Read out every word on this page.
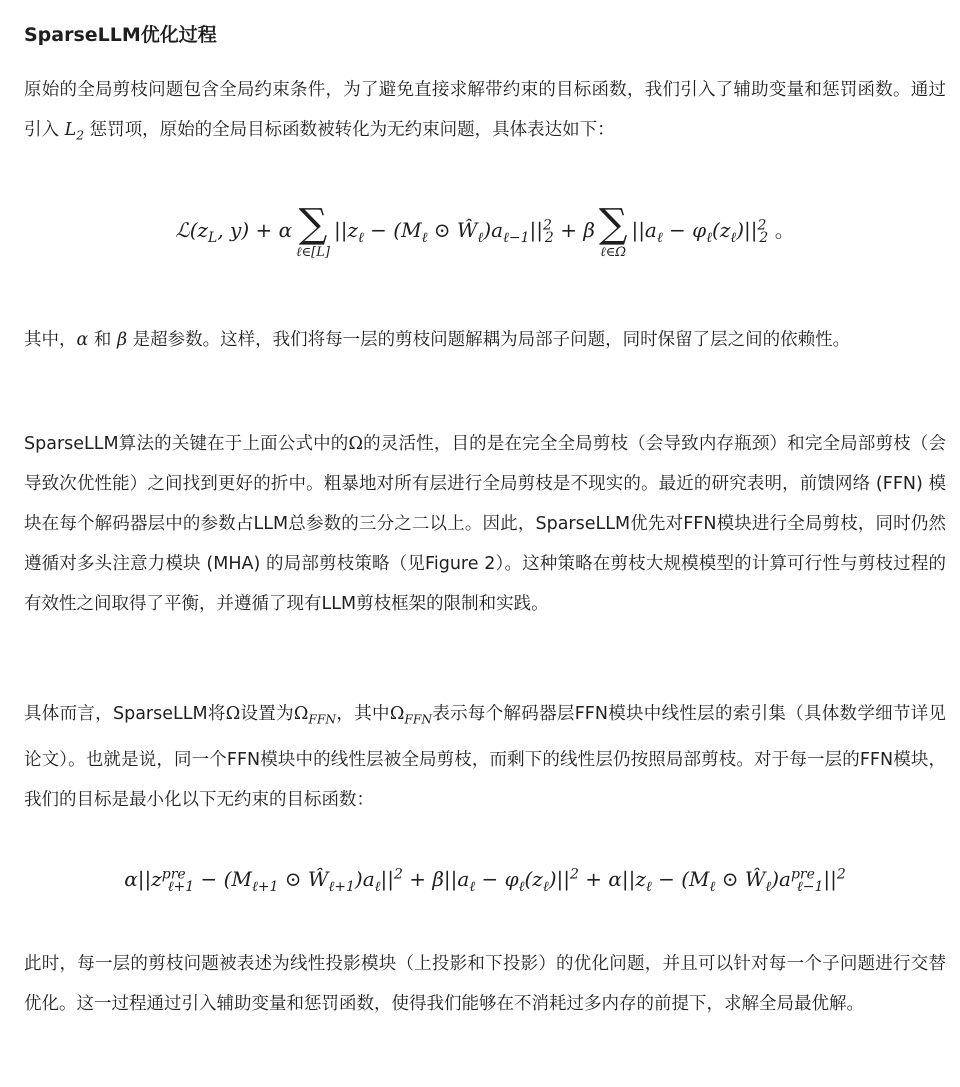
SparseLLM优化过程

原始的全局剪枝问题包含全局约束条件，为了避免直接求解带约束的目标函数，我们引入了辅助变量和惩罚函数。通过引入 $L_2$ 惩罚项，原始的全局目标函数被转化为无约束问题，具体表达如下：

$ℒ(z_L$, y) + α ∑
ℓ∈[L]
$||z_\ell - (M_\ell$ ⊙ $Ŵ_\ell)a_{\ell-1}||^2_2 + \beta$ ∑
ℓ∈Ω
$||a_\ell - \varphi_\ell(z_\ell)||^2_2$ 。

其中，α 和 β 是超参数。这样，我们将每一层的剪枝问题解耦为局部子问题，同时保留了层之间的依赖性。

SparseLLM算法的关键在于上面公式中的Ω的灵活性，目的是在完全全局剪枝（会导致内存瓶颈）和完全局部剪枝（会导致次优性能）之间找到更好的折中。粗暴地对所有层进行全局剪枝是不现实的。最近的研究表明，前馈网络 (FFN) 模块在每个解码器层中的参数占LLM总参数的三分之二以上。因此，SparseLLM优先对FFN模块进行全局剪枝，同时仍然遵循对多头注意力模块 (MHA) 的局部剪枝策略（见Figure 2）。这种策略在剪枝大规模模型的计算可行性与剪枝过程的有效性之间取得了平衡，并遵循了现有LLM剪枝框架的限制和实践。

具体而言，SparseLLM将Ω设置为$\Omega_{FFN}$，其中$\Omega_{FFN}$表示每个解码器层FFN模块中线性层的索引集（具体数学细节详见论文）。也就是说，同一个FFN模块中的线性层被全局剪枝，而剩下的线性层仍按照局部剪枝。对于每一层的FFN模块，我们的目标是最小化以下无约束的目标函数：

$\alpha||z^{pre}_{\ell+1} - (M_{\ell+1}$ ⊙ $Ŵ_{\ell+1})a_\ell||^2 + \beta||a_\ell - \varphi_\ell(z_\ell)||^2 + \alpha||z_\ell - (M_\ell$ ⊙ $Ŵ_\ell)a^{pre}_{\ell-1}||^2$

此时，每一层的剪枝问题被表述为线性投影模块（上投影和下投影）的优化问题，并且可以针对每一个子问题进行交替优化。这一过程通过引入辅助变量和惩罚函数，使得我们能够在不消耗过多内存的前提下，求解全局最优解。
